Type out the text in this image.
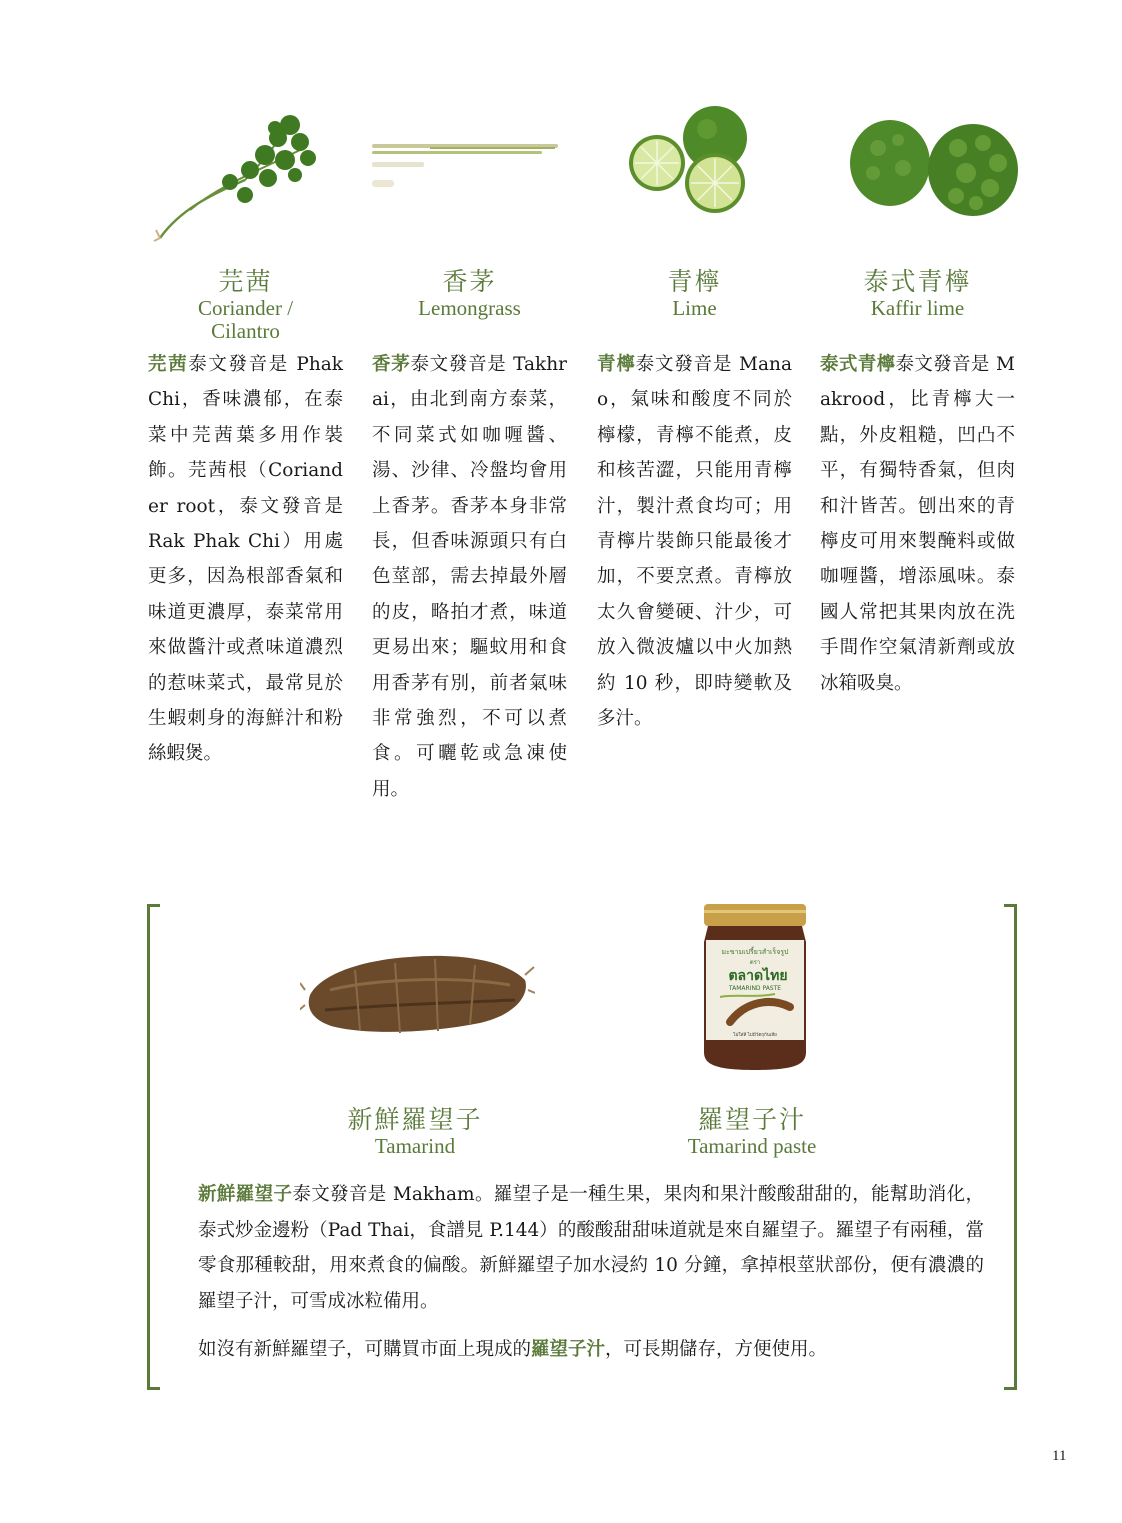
芫茜
Coriander /
Cilantro
香茅
Lemongrass
青檸
Lime
泰式青檸
Kaffir lime
芫茜泰文發音是 Phak Chi，香味濃郁，在泰菜中芫茜葉多用作裝飾。芫茜根（Coriander root，泰文發音是 Rak Phak Chi）用處更多，因為根部香氣和味道更濃厚，泰菜常用來做醬汁或煮味道濃烈的惹味菜式，最常見於生蝦刺身的海鮮汁和粉絲蝦煲。
香茅泰文發音是 Takhrai，由北到南方泰菜，不同菜式如咖喱醬、湯、沙律、冷盤均會用上香茅。香茅本身非常長，但香味源頭只有白色莖部，需去掉最外層的皮，略拍才煮，味道更易出來；驅蚊用和食用香茅有別，前者氣味非常強烈，不可以煮食。可曬乾或急凍使用。
青檸泰文發音是 Manao，氣味和酸度不同於檸檬，青檸不能煮，皮和核苦澀，只能用青檸汁，製汁煮食均可；用青檸片裝飾只能最後才加，不要烹煮。青檸放太久會變硬、汁少，可放入微波爐以中火加熱約 10 秒，即時變軟及多汁。
泰式青檸泰文發音是 Makrood，比青檸大一點，外皮粗糙，凹凸不平，有獨特香氣，但肉和汁皆苦。刨出來的青檸皮可用來製醃料或做咖喱醬，增添風味。泰國人常把其果肉放在洗手間作空氣清新劑或放冰箱吸臭。
มะขามเปรี้ยวสำเร็จรูป
ตรา
ตลาดไทย
TAMARIND PASTE
ไม่ใส่สี ไม่มีวัตถุกันเสีย
新鮮羅望子
Tamarind
羅望子汁
Tamarind paste
新鮮羅望子泰文發音是 Makham。羅望子是一種生果，果肉和果汁酸酸甜甜的，能幫助消化，泰式炒金邊粉（Pad Thai，食譜見 P.144）的酸酸甜甜味道就是來自羅望子。羅望子有兩種，當零食那種較甜，用來煮食的偏酸。新鮮羅望子加水浸約 10 分鐘，拿掉根莖狀部份，便有濃濃的羅望子汁，可雪成冰粒備用。
如沒有新鮮羅望子，可購買市面上現成的羅望子汁，可長期儲存，方便使用。
11
